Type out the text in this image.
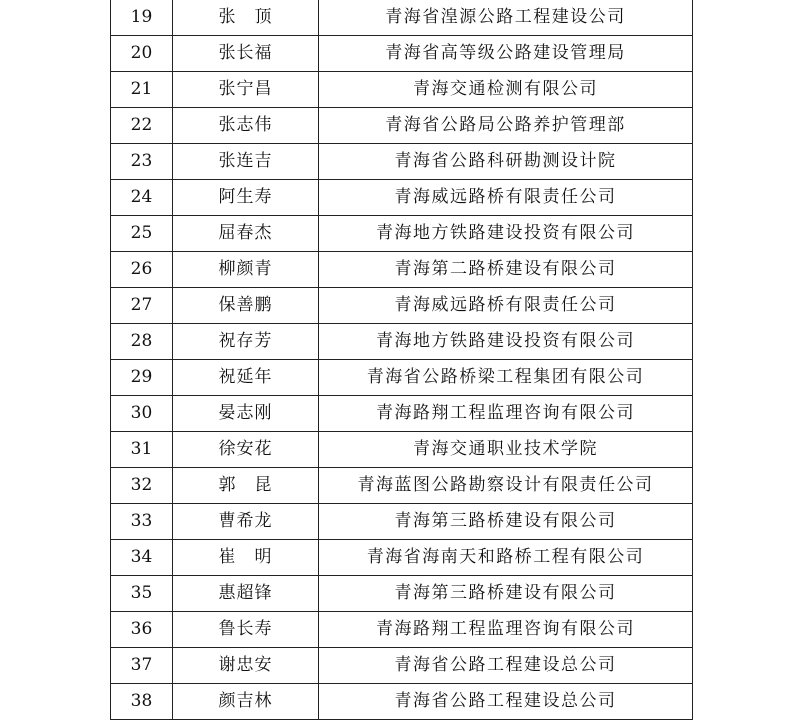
19	张　顶	青海省湟源公路工程建设公司
20	张长福	青海省高等级公路建设管理局
21	张宁昌	青海交通检测有限公司
22	张志伟	青海省公路局公路养护管理部
23	张连吉	青海省公路科研勘测设计院
24	阿生寿	青海威远路桥有限责任公司
25	屈春杰	青海地方铁路建设投资有限公司
26	柳颜青	青海第二路桥建设有限公司
27	保善鹏	青海威远路桥有限责任公司
28	祝存芳	青海地方铁路建设投资有限公司
29	祝延年	青海省公路桥梁工程集团有限公司
30	晏志刚	青海路翔工程监理咨询有限公司
31	徐安花	青海交通职业技术学院
32	郭　昆	青海蓝图公路勘察设计有限责任公司
33	曹希龙	青海第三路桥建设有限公司
34	崔　明	青海省海南天和路桥工程有限公司
35	惠超锋	青海第三路桥建设有限公司
36	鲁长寿	青海路翔工程监理咨询有限公司
37	谢忠安	青海省公路工程建设总公司
38	颜吉林	青海省公路工程建设总公司
